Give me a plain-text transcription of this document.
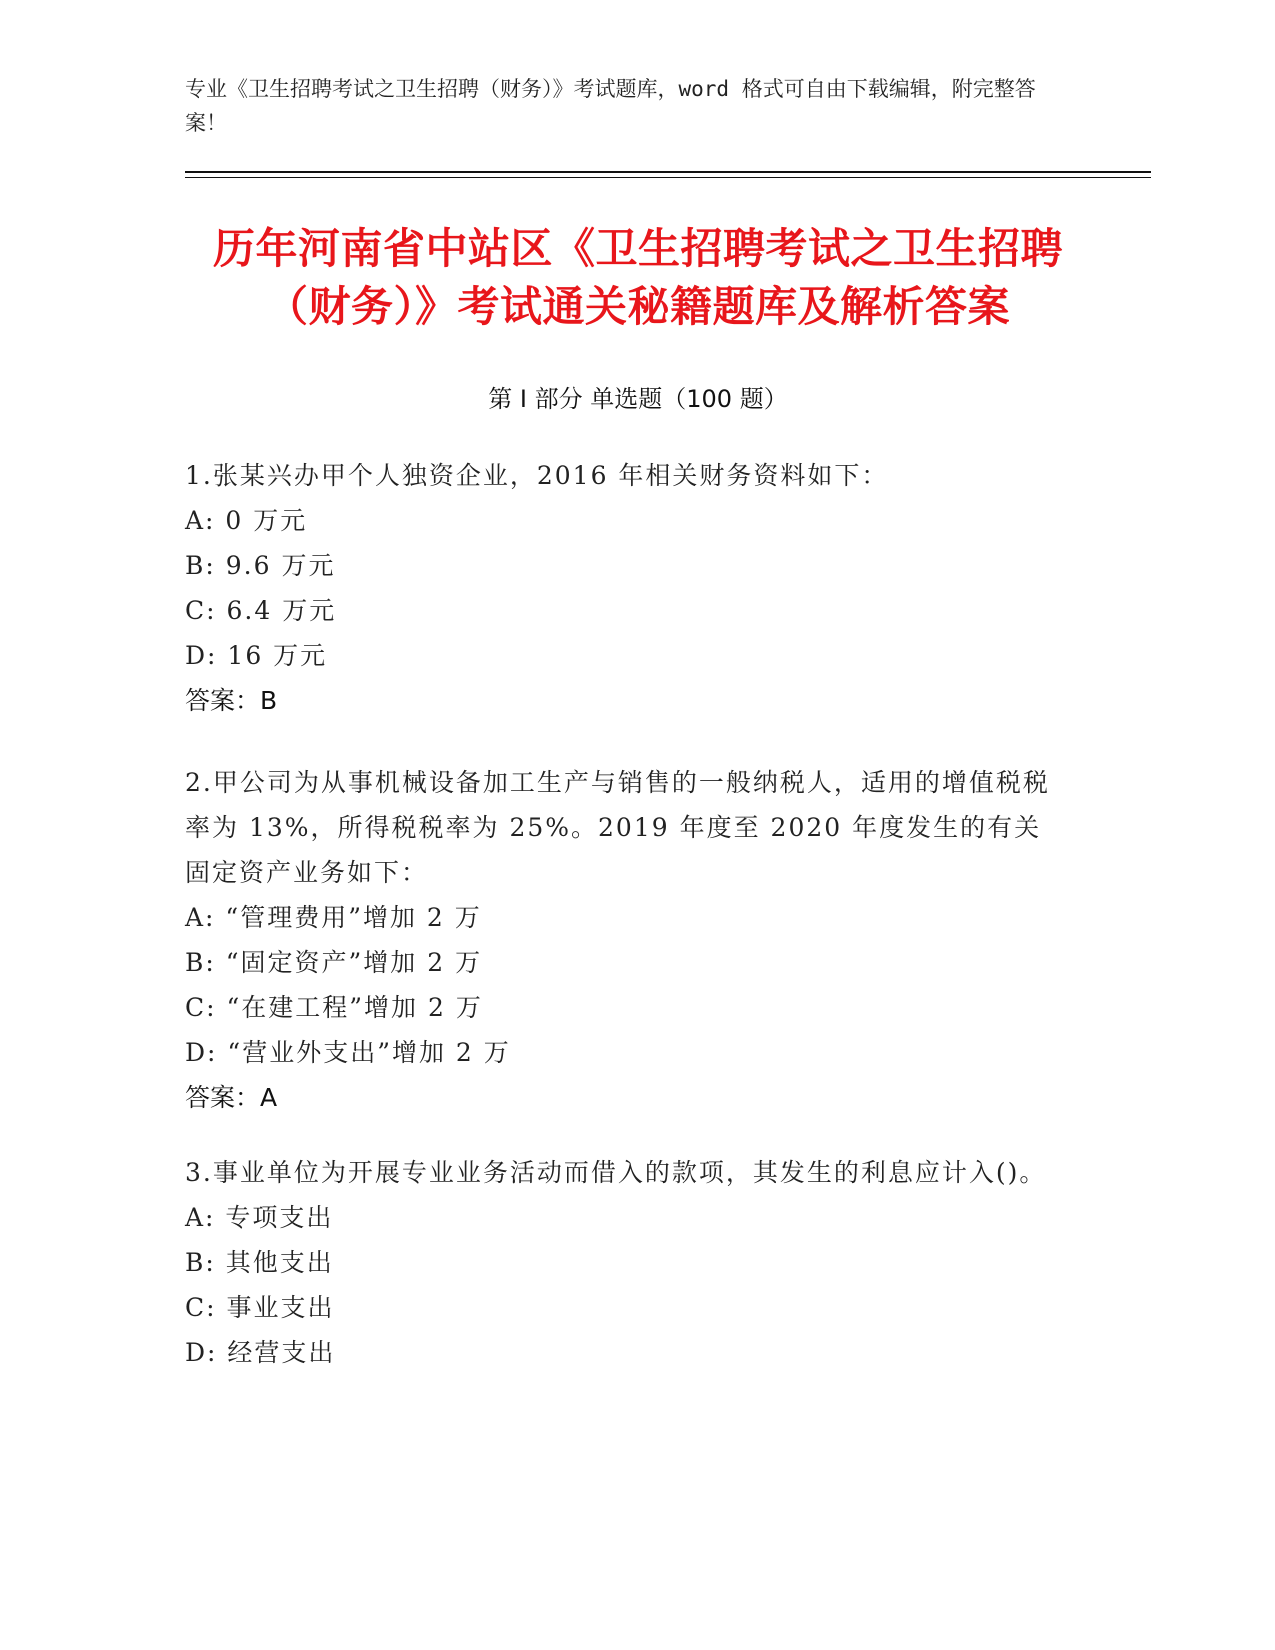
专业《卫生招聘考试之卫生招聘（财务）》考试题库，word 格式可自由下载编辑，附完整答案！
历年河南省中站区《卫生招聘考试之卫生招聘（财务）》考试通关秘籍题库及解析答案
第 I 部分 单选题（100 题）

1.张某兴办甲个人独资企业，2016 年相关财务资料如下：

A: 0 万元

B: 9.6 万元

C: 6.4 万元

D: 16 万元

答案：B

2.甲公司为从事机械设备加工生产与销售的一般纳税人，适用的增值税税率为 13%，所得税税率为 25%。2019 年度至 2020 年度发生的有关固定资产业务如下：

A: “管理费用”增加 2 万

B: “固定资产”增加 2 万

C: “在建工程”增加 2 万

D: “营业外支出”增加 2 万

答案：A

3.事业单位为开展专业业务活动而借入的款项，其发生的利息应计入()。

A: 专项支出

B: 其他支出

C: 事业支出

D: 经营支出
